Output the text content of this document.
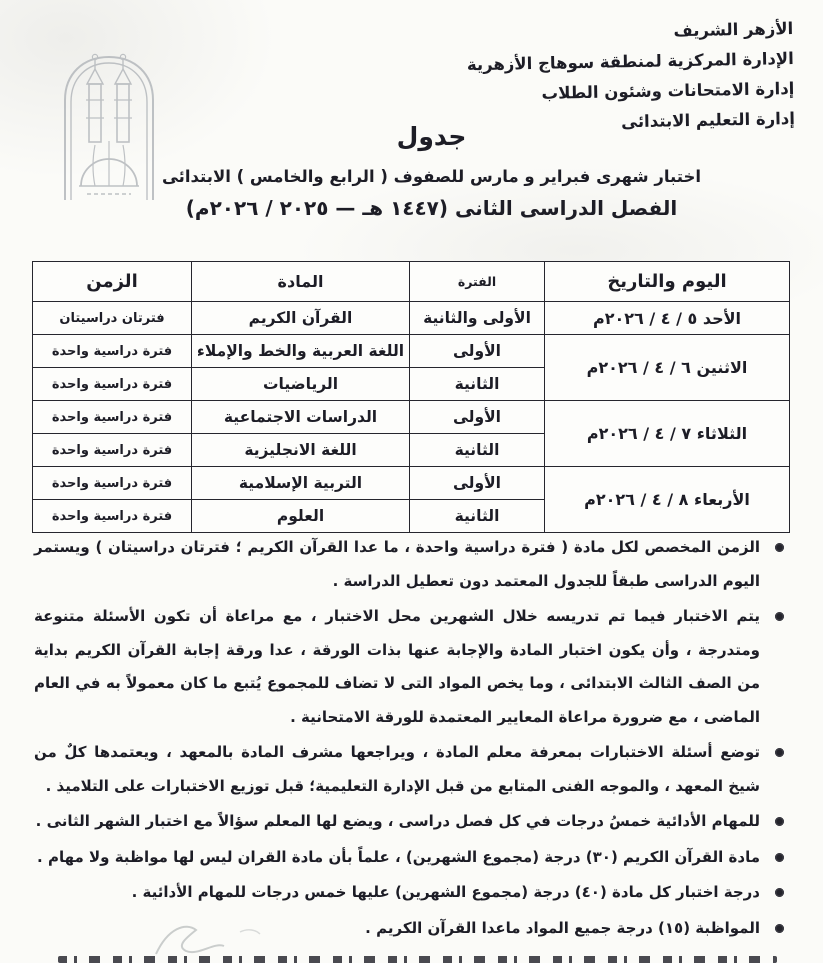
الأزهر الشريف
الإدارة المركزية لمنطقة سوهاج الأزهرية
إدارة الامتحانات وشئون الطلاب
إدارة التعليم الابتدائى
جدول
اختبار شهرى فبراير و مارس للصفوف ( الرابع والخامس ) الابتدائى
الفصل الدراسى الثانى (١٤٤٧ هـ — ٢٠٢٥ / ٢٠٢٦م)
اليوم والتاريخ	الفترة	المادة	الزمن
الأحد ٥ / ٤ / ٢٠٢٦م	الأولى والثانية	القرآن الكريم	فترتان دراسيتان
الاثنين ٦ / ٤ / ٢٠٢٦م	الأولى	اللغة العربية والخط والإملاء	فترة دراسية واحدة
	الثانية	الرياضيات	فترة دراسية واحدة
الثلاثاء ٧ / ٤ / ٢٠٢٦م	الأولى	الدراسات الاجتماعية	فترة دراسية واحدة
	الثانية	اللغة الانجليزية	فترة دراسية واحدة
الأربعاء ٨ / ٤ / ٢٠٢٦م	الأولى	التربية الإسلامية	فترة دراسية واحدة
	الثانية	العلوم	فترة دراسية واحدة
الزمن المخصص لكل مادة ( فترة دراسية واحدة ، ما عدا القرآن الكريم ؛ فترتان دراسيتان ) ويستمر اليوم الدراسى طبقاً للجدول المعتمد دون تعطيل الدراسة .
يتم الاختبار فيما تم تدريسه خلال الشهرين محل الاختبار ، مع مراعاة أن تكون الأسئلة متنوعة ومتدرجة ، وأن يكون اختبار المادة والإجابة عنها بذات الورقة ، عدا ورقة إجابة القرآن الكريم بداية من الصف الثالث الابتدائى ، وما يخص المواد التى لا تضاف للمجموع يُتبع ما كان معمولاً به في العام الماضى ، مع ضرورة مراعاة المعايير المعتمدة للورقة الامتحانية .
توضع أسئلة الاختبارات بمعرفة معلم المادة ، ويراجعها مشرف المادة بالمعهد ، ويعتمدها كلٌ من شيخ المعهد ، والموجه الفنى المتابع من قبل الإدارة التعليمية؛ قبل توزيع الاختبارات على التلاميذ .
للمهام الأدائية خمسُ درجات في كل فصل دراسى ، ويضع لها المعلم سؤالاً مع اختبار الشهر الثانى .
مادة القرآن الكريم (٣٠) درجة (مجموع الشهرين) ، علماً بأن مادة القران ليس لها مواظبة ولا مهام .
درجة اختبار كل مادة (٤٠) درجة (مجموع الشهرين) عليها خمس درجات للمهام الأدائية .
المواظبة (١٥) درجة جميع المواد ماعدا القرآن الكريم .
